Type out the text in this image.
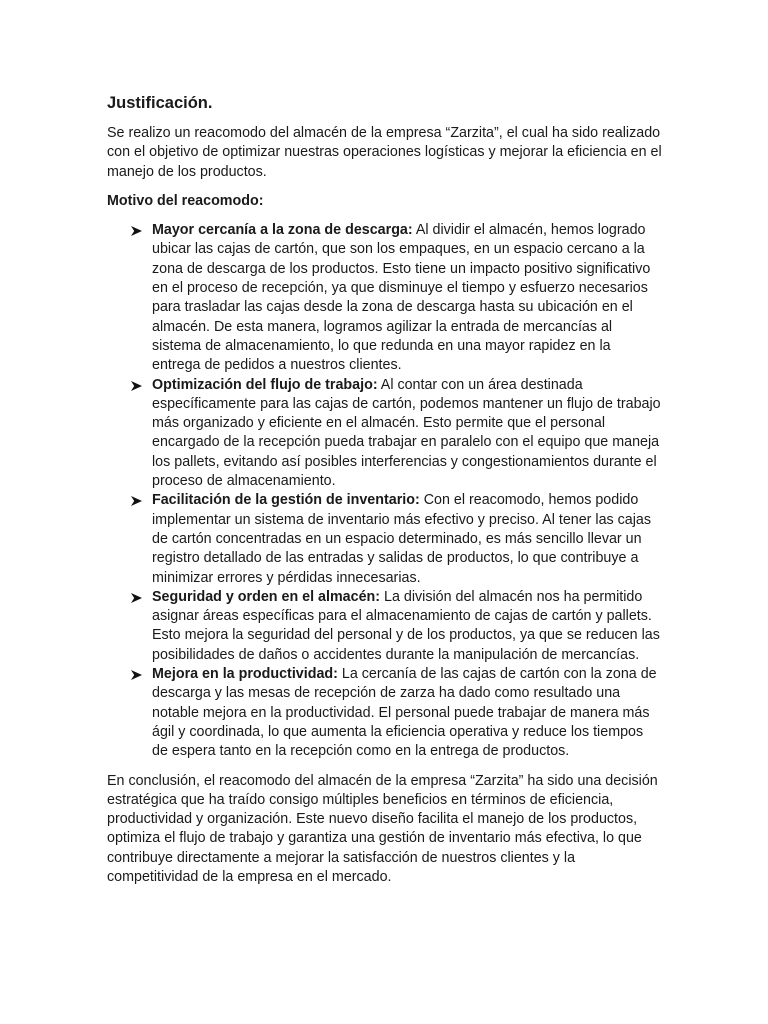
Justificación.

Se realizo un reacomodo del almacén de la empresa “Zarzita”, el cual ha sido realizado con el objetivo de optimizar nuestras operaciones logísticas y mejorar la eficiencia en el manejo de los productos.

Motivo del reacomodo:
Mayor cercanía a la zona de descarga: Al dividir el almacén, hemos logrado ubicar las cajas de cartón, que son los empaques, en un espacio cercano a la zona de descarga de los productos. Esto tiene un impacto positivo significativo en el proceso de recepción, ya que disminuye el tiempo y esfuerzo necesarios para trasladar las cajas desde la zona de descarga hasta su ubicación en el almacén. De esta manera, logramos agilizar la entrada de mercancías al sistema de almacenamiento, lo que redunda en una mayor rapidez en la entrega de pedidos a nuestros clientes.
Optimización del flujo de trabajo: Al contar con un área destinada específicamente para las cajas de cartón, podemos mantener un flujo de trabajo más organizado y eficiente en el almacén. Esto permite que el personal encargado de la recepción pueda trabajar en paralelo con el equipo que maneja los pallets, evitando así posibles interferencias y congestionamientos durante el proceso de almacenamiento.
Facilitación de la gestión de inventario: Con el reacomodo, hemos podido implementar un sistema de inventario más efectivo y preciso. Al tener las cajas de cartón concentradas en un espacio determinado, es más sencillo llevar un registro detallado de las entradas y salidas de productos, lo que contribuye a minimizar errores y pérdidas innecesarias.
Seguridad y orden en el almacén: La división del almacén nos ha permitido asignar áreas específicas para el almacenamiento de cajas de cartón y pallets. Esto mejora la seguridad del personal y de los productos, ya que se reducen las posibilidades de daños o accidentes durante la manipulación de mercancías.
Mejora en la productividad: La cercanía de las cajas de cartón con la zona de descarga y las mesas de recepción de zarza ha dado como resultado una notable mejora en la productividad. El personal puede trabajar de manera más ágil y coordinada, lo que aumenta la eficiencia operativa y reduce los tiempos de espera tanto en la recepción como en la entrega de productos.

En conclusión, el reacomodo del almacén de la empresa “Zarzita” ha sido una decisión estratégica que ha traído consigo múltiples beneficios en términos de eficiencia, productividad y organización. Este nuevo diseño facilita el manejo de los productos, optimiza el flujo de trabajo y garantiza una gestión de inventario más efectiva, lo que contribuye directamente a mejorar la satisfacción de nuestros clientes y la competitividad de la empresa en el mercado.
